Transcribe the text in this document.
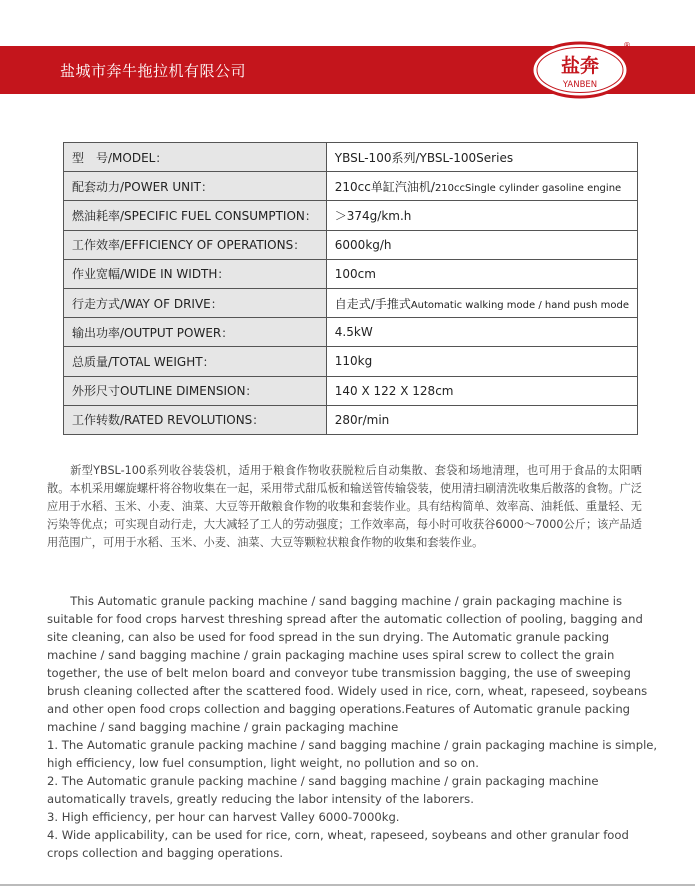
盐城市奔牛拖拉机有限公司	盐奔
YANBEN
®
型　号/MODEL：	YBSL-100系列/YBSL-100Series
配套动力/POWER UNIT：	210cc单缸汽油机/210ccSingle cylinder gasoline engine
燃油耗率/SPECIFIC FUEL CONSUMPTION：	＞374g/km.h
工作效率/EFFICIENCY OF OPERATIONS：	6000kg/h
作业宽幅/WIDE IN WIDTH：	100cm
行走方式/WAY OF DRIVE：	自走式/手推式Automatic walking mode / hand push mode
输出功率/OUTPUT POWER：	4.5kW
总质量/TOTAL WEIGHT：	110kg
外形尺寸OUTLINE DIMENSION：	140 X 122 X 128cm
工作转数/RATED REVOLUTIONS：	280r/min
　　新型YBSL-100系列收谷装袋机，适用于粮食作物收获脱粒后自动集散、套袋和场地清理，也可用于食品的太阳晒散。本机采用螺旋螺杆将谷物收集在一起，采用带式甜瓜板和输送管传输袋装，使用清扫刷清洗收集后散落的食物。广泛应用于水稻、玉米、小麦、油菜、大豆等开敞粮食作物的收集和套装作业。具有结构简单、效率高、油耗低、重量轻、无污染等优点；可实现自动行走，大大减轻了工人的劳动强度；工作效率高，每小时可收获谷6000～7000公斤；该产品适用范围广，可用于水稻、玉米、小麦、油菜、大豆等颗粒状粮食作物的收集和套装作业。

　　This Automatic granule packing machine / sand bagging machine / grain packaging machine is suitable for food crops harvest threshing spread after the automatic collection of pooling, bagging and site cleaning, can also be used for food spread in the sun drying. The Automatic granule packing machine / sand bagging machine / grain packaging machine uses spiral screw to collect the grain together, the use of belt melon board and conveyor tube transmission bagging, the use of sweeping brush cleaning collected after the scattered food. Widely used in rice, corn, wheat, rapeseed, soybeans and other open food crops collection and bagging operations.Features of Automatic granule packing machine / sand bagging machine / grain packaging machine

1. The Automatic granule packing machine / sand bagging machine / grain packaging machine is simple, high efficiency, low fuel consumption, light weight, no pollution and so on.

2. The Automatic granule packing machine / sand bagging machine / grain packaging machine automatically travels, greatly reducing the labor intensity of the laborers.

3. High efficiency, per hour can harvest Valley 6000-7000kg.

4. Wide applicability, can be used for rice, corn, wheat, rapeseed, soybeans and other granular food crops collection and bagging operations.
